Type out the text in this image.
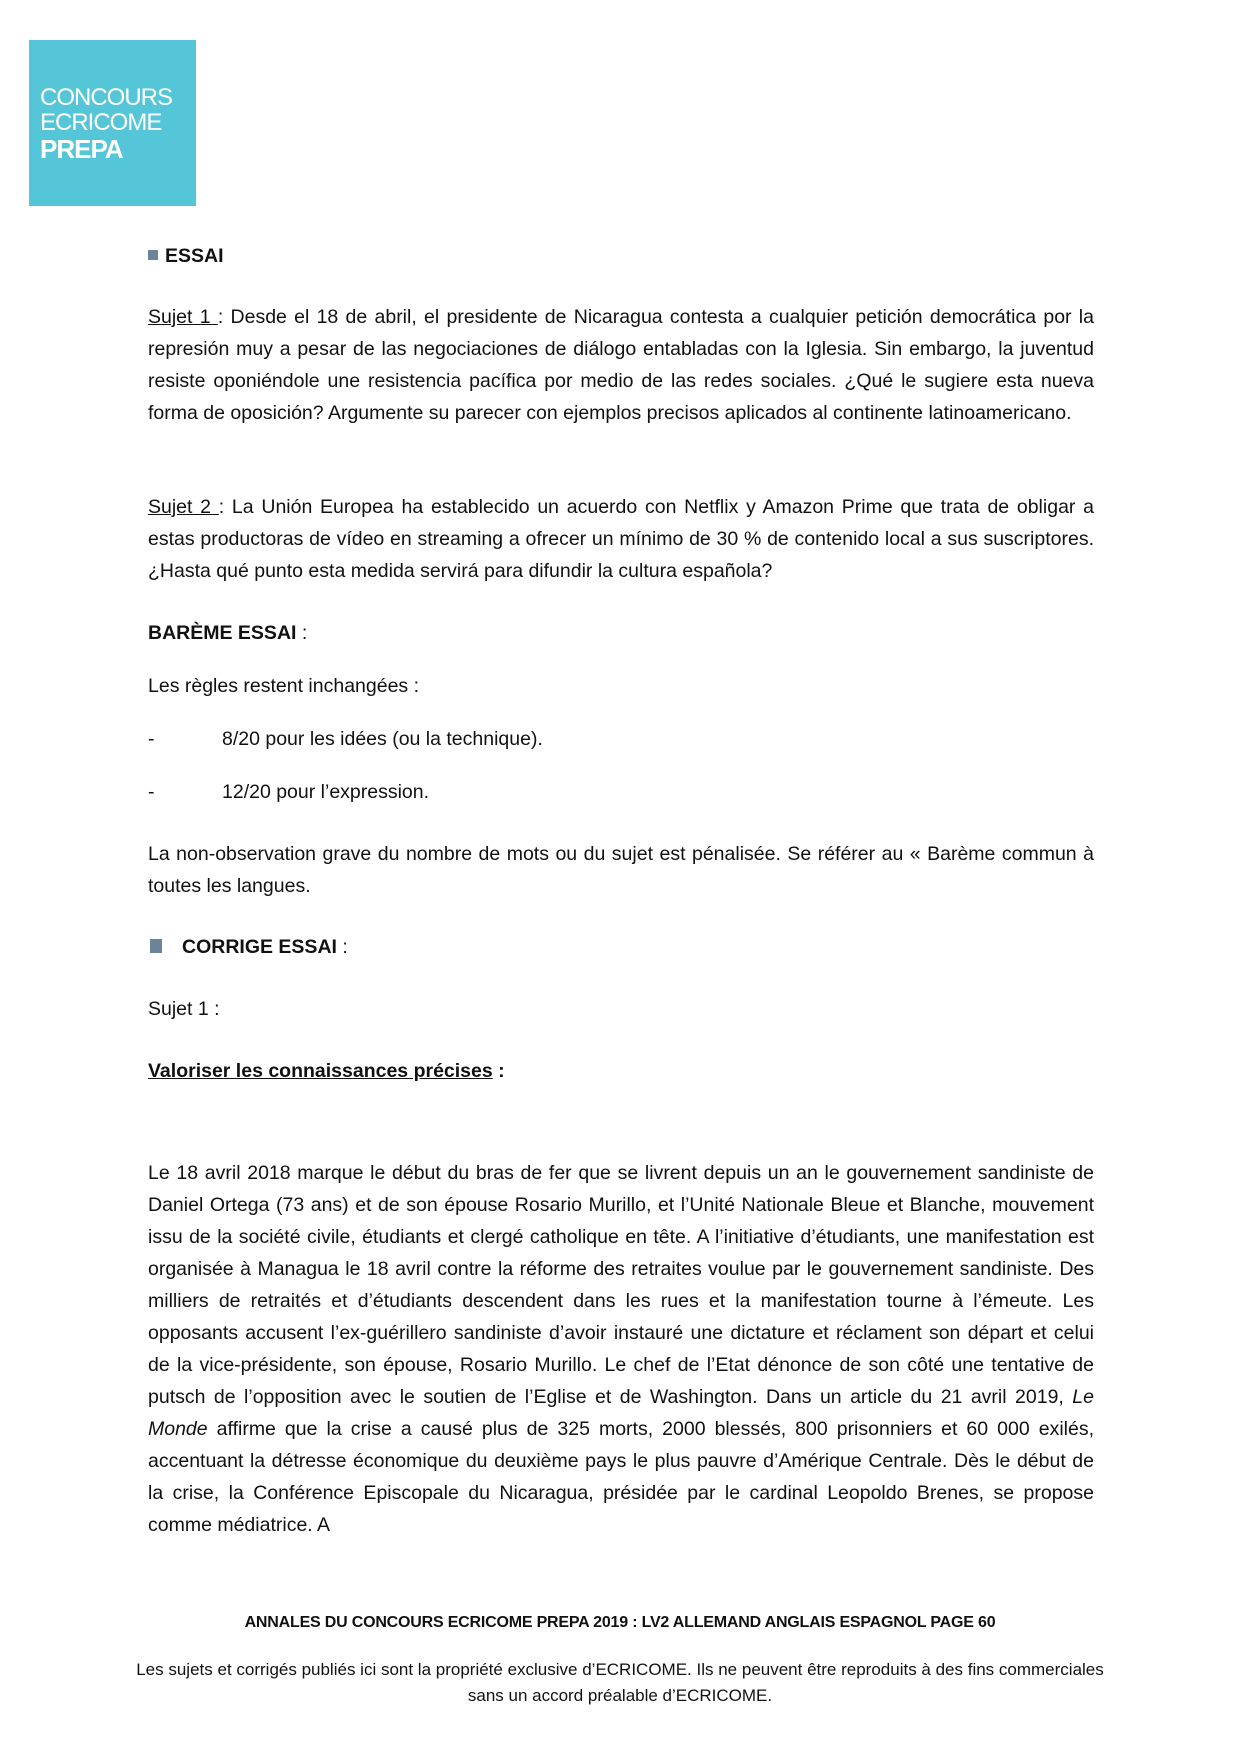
CONCOURS
ECRICOME
PREPA
ESSAI

Sujet 1 : Desde el 18 de abril, el presidente de Nicaragua contesta a cualquier petición democrática por la represión muy a pesar de las negociaciones de diálogo entabladas con la Iglesia. Sin embargo, la juventud resiste oponiéndole une resistencia pacífica por medio de las redes sociales. ¿Qué le sugiere esta nueva forma de oposición? Argumente su parecer con ejemplos precisos aplicados al continente latinoamericano.

Sujet 2 : La Unión Europea ha establecido un acuerdo con Netflix y Amazon Prime que trata de obligar a estas productoras de vídeo en streaming a ofrecer un mínimo de 30 % de contenido local a sus suscriptores. ¿Hasta qué punto esta medida servirá para difundir la cultura española?

BARÈME ESSAI :
Les règles restent inchangées :
-	8/20 pour les idées (ou la technique).
-	12/20 pour l’expression.
La non-observation grave du nombre de mots ou du sujet est pénalisée. Se référer au « Barème commun à toutes les langues.
CORRIGE ESSAI :
Sujet 1 :
Valoriser les connaissances précises :

Le 18 avril 2018 marque le début du bras de fer que se livrent depuis un an le gouvernement sandiniste de Daniel Ortega (73 ans) et de son épouse Rosario Murillo, et l’Unité Nationale Bleue et Blanche, mouvement issu de la société civile, étudiants et clergé catholique en tête. A l’initiative d’étudiants, une manifestation est organisée à Managua le 18 avril contre la réforme des retraites voulue par le gouvernement sandiniste. Des milliers de retraités et d’étudiants descendent dans les rues et la manifestation tourne à l’émeute. Les opposants accusent l’ex-guérillero sandiniste d’avoir instauré une dictature et réclament son départ et celui de la vice-présidente, son épouse, Rosario Murillo. Le chef de l’Etat dénonce de son côté une tentative de putsch de l’opposition avec le soutien de l’Eglise et de Washington. Dans un article du 21 avril 2019, Le Monde affirme que la crise a causé plus de 325 morts, 2000 blessés, 800 prisonniers et 60 000 exilés, accentuant la détresse économique du deuxième pays le plus pauvre d’Amérique Centrale. Dès le début de la crise, la Conférence Episcopale du Nicaragua, présidée par le cardinal Leopoldo Brenes, se propose comme médiatrice. A

ANNALES DU CONCOURS ECRICOME PREPA 2019 : LV2 ALLEMAND ANGLAIS ESPAGNOL PAGE 60
Les sujets et corrigés publiés ici sont la propriété exclusive d’ECRICOME. Ils ne peuvent être reproduits à des fins commerciales sans un accord préalable d’ECRICOME.
